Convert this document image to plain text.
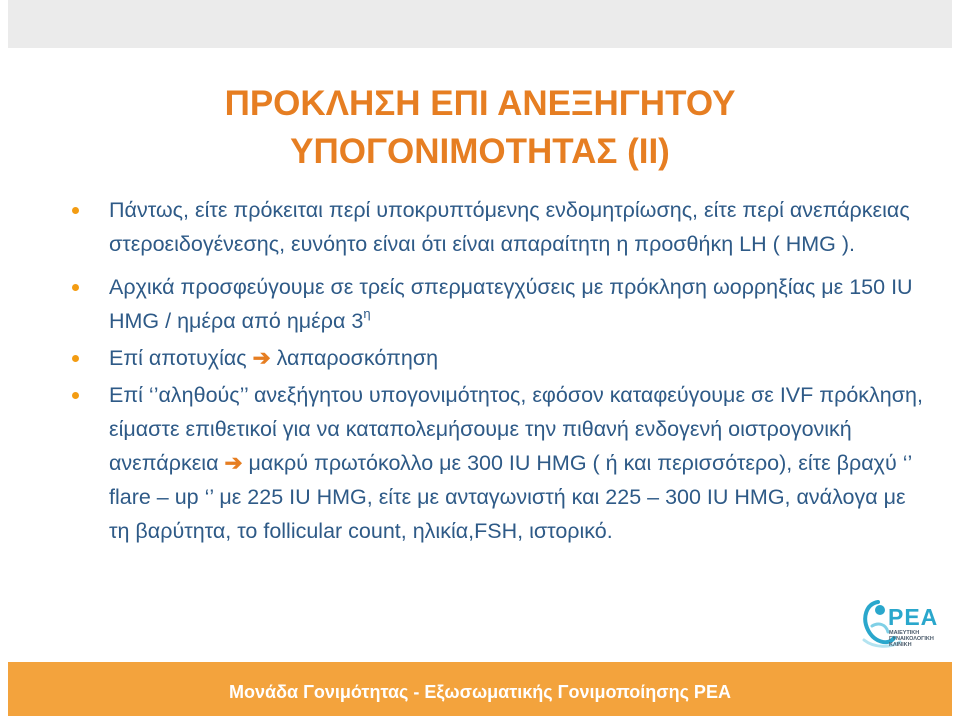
ΠΡΟΚΛΗΣΗ ΕΠΙ ΑΝΕΞΗΓΗΤΟΥ
ΥΠΟΓΟΝΙΜΟΤΗΤΑΣ (ΙΙ)
Πάντως, είτε πρόκειται περί υποκρυπτόμενης ενδομητρίωσης, είτε περί ανεπάρκειας στεροειδογένεσης, ευνόητο είναι ότι είναι απαραίτητη η προσθήκη LH ( HMG ).
Αρχικά προσφεύγουμε σε τρείς σπερματεγχύσεις με πρόκληση ωορρηξίας με 150 IU HMG / ημέρα από ημέρα $3^\eta$
Επί αποτυχίας ➔ λαπαροσκόπηση
Επί ‘’αληθούς’’ ανεξήγητου υπογονιμότητος, εφόσον καταφεύγουμε σε IVF πρόκληση, είμαστε επιθετικοί για να καταπολεμήσουμε την πιθανή ενδογενή οιστρογονική ανεπάρκεια ➔ μακρύ πρωτόκολλο με 300 IU HMG ( ή και περισσότερο), είτε βραχύ ‘’ flare – up ‘’ με 225 IU HMG, είτε με ανταγωνιστή και 225 – 300 IU HMG, ανάλογα με τη βαρύτητα, το follicular count, ηλικία,FSH, ιστορικό.
ΡΕΑ
ΜΑΙΕΥΤΙΚΗ ΓΥΝΑΙΚΟΛΟΓΙΚΗ ΚΛΙΝΙΚΗ
Μονάδα Γονιμότητας - Εξωσωματικής Γονιμοποίησης ΡΕΑ
